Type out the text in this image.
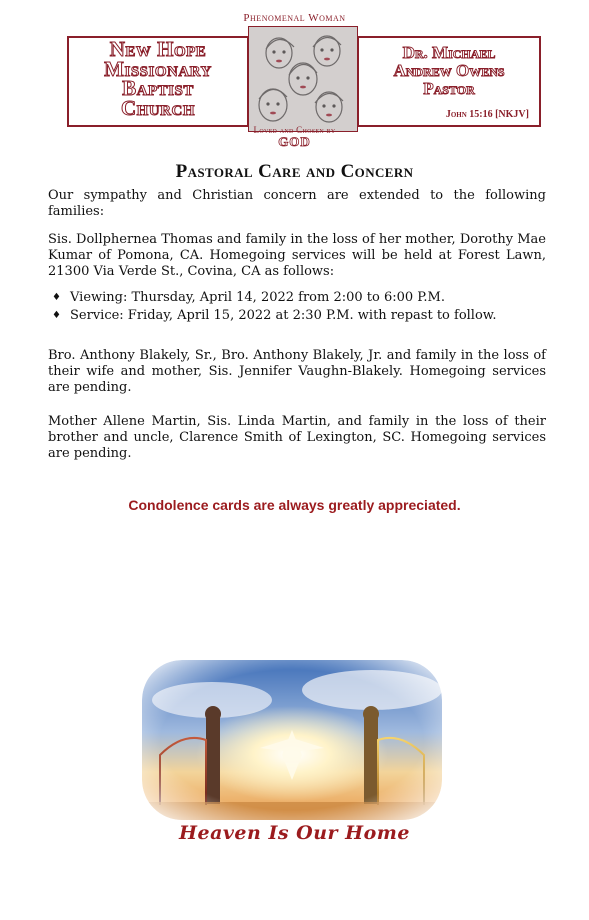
Phenomenal Woman
New Hope
Missionary
Baptist
Church
Dr. Michael
Andrew Owens
Pastor
John 15:16 [NKJV]
Loved and Chosen by
GOD
Pastoral Care and Concern

Our sympathy and Christian concern are extended to the following families:

Sis. Dollphernea Thomas and family in the loss of her mother, Dorothy Mae Kumar of Pomona, CA. Homegoing services will be held at Forest Lawn, 21300 Via Verde St., Covina, CA as follows:

♦ Viewing: Thursday, April 14, 2022 from 2:00 to 6:00 P.M.
♦ Service: Friday, April 15, 2022 at 2:30 P.M. with repast to follow.

Bro. Anthony Blakely, Sr., Bro. Anthony Blakely, Jr. and family in the loss of their wife and mother, Sis. Jennifer Vaughn-Blakely. Homegoing services are pending.

Mother Allene Martin, Sis. Linda Martin, and family in the loss of their brother and uncle, Clarence Smith of Lexington, SC. Homegoing services are pending.

Condolence cards are always greatly appreciated.
Heaven Is Our Home
